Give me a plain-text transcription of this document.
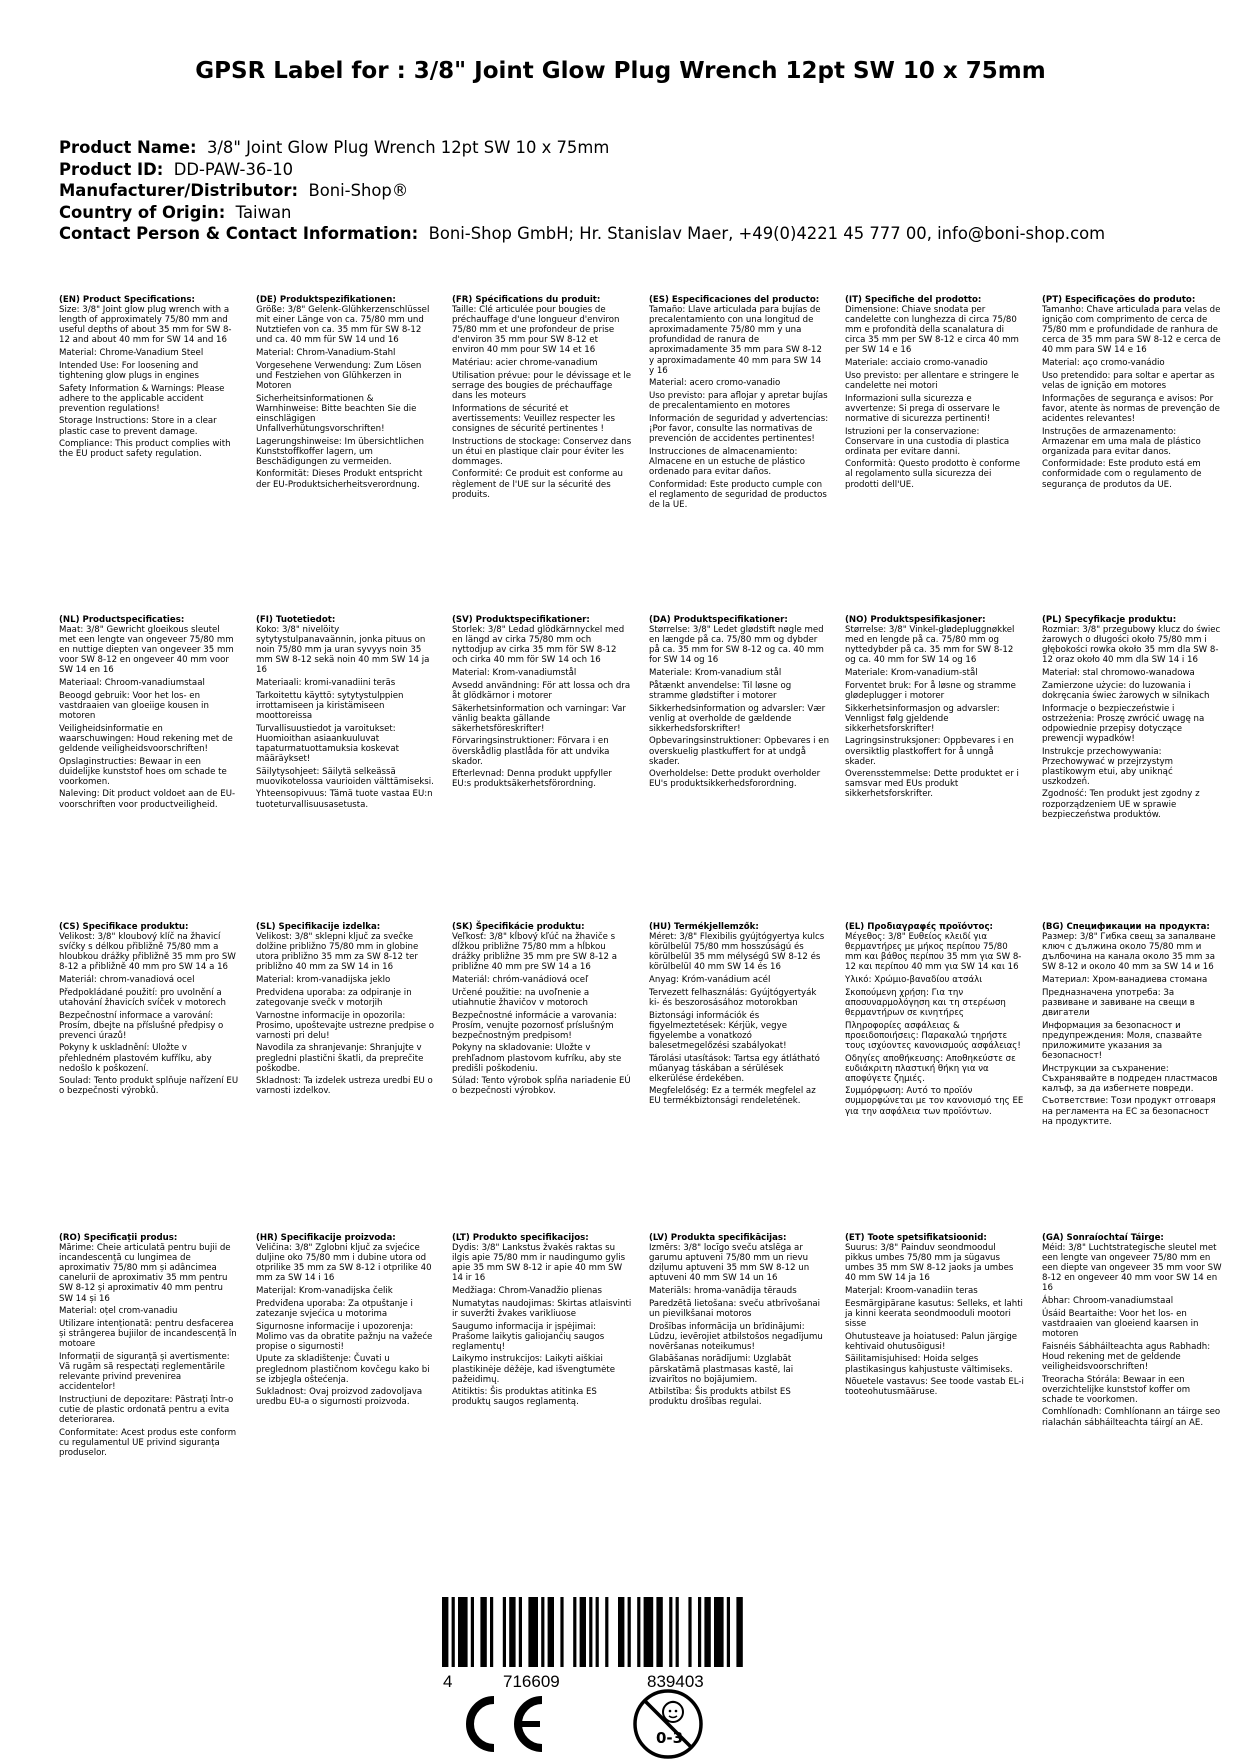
GPSR Label for : 3/8" Joint Glow Plug Wrench 12pt SW 10 x 75mm
Product Name: 3/8" Joint Glow Plug Wrench 12pt SW 10 x 75mm
Product ID: DD-PAW-36-10
Manufacturer/Distributor: Boni-Shop®
Country of Origin: Taiwan
Contact Person & Contact Information: Boni-Shop GmbH; Hr. Stanislav Maer, +49(0)4221 45 777 00, info@boni-shop.com
(EN) Product Specifications:

Size: 3/8" Joint glow plug wrench with a length of approximately 75/80 mm and useful depths of about 35 mm for SW 8-12 and about 40 mm for SW 14 and 16

Material: Chrome-Vanadium Steel

Intended Use: For loosening and tightening glow plugs in engines

Safety Information & Warnings: Please adhere to the applicable accident prevention regulations!

Storage Instructions: Store in a clear plastic case to prevent damage.

Compliance: This product complies with the EU product safety regulation.

(DE) Produktspezifikationen:

Größe: 3/8" Gelenk-Glühkerzenschlüssel mit einer Länge von ca. 75/80 mm und Nutztiefen von ca. 35 mm für SW 8-12 und ca. 40 mm für SW 14 und 16

Material: Chrom-Vanadium-Stahl

Vorgesehene Verwendung: Zum Lösen und Festziehen von Glühkerzen in Motoren

Sicherheitsinformationen & Warnhinweise: Bitte beachten Sie die einschlägigen Unfallverhütungsvorschriften!

Lagerungshinweise: Im übersichtlichen Kunststoffkoffer lagern, um Beschädigungen zu vermeiden.

Konformität: Dieses Produkt entspricht der EU-Produktsicherheitsverordnung.

(FR) Spécifications du produit:

Taille: Clé articulée pour bougies de préchauffage d'une longueur d'environ 75/80 mm et une profondeur de prise d'environ 35 mm pour SW 8-12 et environ 40 mm pour SW 14 et 16

Matériau: acier chrome-vanadium

Utilisation prévue: pour le dévissage et le serrage des bougies de préchauffage dans les moteurs

Informations de sécurité et avertissements: Veuillez respecter les consignes de sécurité pertinentes !

Instructions de stockage: Conservez dans un étui en plastique clair pour éviter les dommages.

Conformité: Ce produit est conforme au règlement de l'UE sur la sécurité des produits.

(ES) Especificaciones del producto:

Tamaño: Llave articulada para bujías de precalentamiento con una longitud de aproximadamente 75/80 mm y una profundidad de ranura de aproximadamente 35 mm para SW 8-12 y aproximadamente 40 mm para SW 14 y 16

Material: acero cromo-vanadio

Uso previsto: para aflojar y apretar bujías de precalentamiento en motores

Información de seguridad y advertencias: ¡Por favor, consulte las normativas de prevención de accidentes pertinentes!

Instrucciones de almacenamiento: Almacene en un estuche de plástico ordenado para evitar daños.

Conformidad: Este producto cumple con el reglamento de seguridad de productos de la UE.

(IT) Specifiche del prodotto:

Dimensione: Chiave snodata per candelette con lunghezza di circa 75/80 mm e profondità della scanalatura di circa 35 mm per SW 8-12 e circa 40 mm per SW 14 e 16

Materiale: acciaio cromo-vanadio

Uso previsto: per allentare e stringere le candelette nei motori

Informazioni sulla sicurezza e avvertenze: Si prega di osservare le normative di sicurezza pertinenti!

Istruzioni per la conservazione: Conservare in una custodia di plastica ordinata per evitare danni.

Conformità: Questo prodotto è conforme al regolamento sulla sicurezza dei prodotti dell'UE.

(PT) Especificações do produto:

Tamanho: Chave articulada para velas de ignição com comprimento de cerca de 75/80 mm e profundidade de ranhura de cerca de 35 mm para SW 8-12 e cerca de 40 mm para SW 14 e 16

Material: aço cromo-vanádio

Uso pretendido: para soltar e apertar as velas de ignição em motores

Informações de segurança e avisos: Por favor, atente às normas de prevenção de acidentes relevantes!

Instruções de armazenamento: Armazenar em uma mala de plástico organizada para evitar danos.

Conformidade: Este produto está em conformidade com o regulamento de segurança de produtos da UE.

(NL) Productspecificaties:

Maat: 3/8" Gewricht gloeikous sleutel met een lengte van ongeveer 75/80 mm en nuttige diepten van ongeveer 35 mm voor SW 8-12 en ongeveer 40 mm voor SW 14 en 16

Materiaal: Chroom-vanadiumstaal

Beoogd gebruik: Voor het los- en vastdraaien van gloeiige kousen in motoren

Veiligheidsinformatie en waarschuwingen: Houd rekening met de geldende veiligheidsvoorschriften!

Opslaginstructies: Bewaar in een duidelijke kunststof hoes om schade te voorkomen.

Naleving: Dit product voldoet aan de EU-voorschriften voor productveiligheid.

(FI) Tuotetiedot:

Koko: 3/8" nivelöity sytytystulpanavaännin, jonka pituus on noin 75/80 mm ja uran syvyys noin 35 mm SW 8-12 sekä noin 40 mm SW 14 ja 16

Materiaali: kromi-vanadiini teräs

Tarkoitettu käyttö: sytytystulppien irrottamiseen ja kiristämiseen moottoreissa

Turvallisuustiedot ja varoitukset: Huomioithan asiaankuuluvat tapaturmatuottamuksia koskevat määräykset!

Säilytysohjeet: Säilytä selkeässä muovikotelossa vaurioiden välttämiseksi.

Yhteensopivuus: Tämä tuote vastaa EU:n tuoteturvallisuusasetusta.

(SV) Produktspecifikationer:

Storlek: 3/8" Ledad glödkärnnyckel med en längd av cirka 75/80 mm och nyttodjup av cirka 35 mm för SW 8-12 och cirka 40 mm för SW 14 och 16

Material: Krom-vanadiumstål

Avsedd användning: För att lossa och dra åt glödkärnor i motorer

Säkerhetsinformation och varningar: Var vänlig beakta gällande säkerhetsföreskrifter!

Förvaringsinstruktioner: Förvara i en överskådlig plastlåda för att undvika skador.

Efterlevnad: Denna produkt uppfyller EU:s produktsäkerhetsförordning.

(DA) Produktspecifikationer:

Størrelse: 3/8" Ledet glødstift nøgle med en længde på ca. 75/80 mm og dybder på ca. 35 mm for SW 8-12 og ca. 40 mm for SW 14 og 16

Materiale: Krom-vanadium stål

Påtænkt anvendelse: Til løsne og stramme glødstifter i motorer

Sikkerhedsinformation og advarsler: Vær venlig at overholde de gældende sikkerhedsforskrifter!

Opbevaringsinstruktioner: Opbevares i en overskuelig plastkuffert for at undgå skader.

Overholdelse: Dette produkt overholder EU's produktsikkerhedsforordning.

(NO) Produktspesifikasjoner:

Størrelse: 3/8" Vinkel-glødepluggnøkkel med en lengde på ca. 75/80 mm og nyttedybder på ca. 35 mm for SW 8-12 og ca. 40 mm for SW 14 og 16

Materiale: Krom-vanadium-stål

Forventet bruk: For å løsne og stramme glødeplugger i motorer

Sikkerhetsinformasjon og advarsler: Vennligst følg gjeldende sikkerhetsforskrifter!

Lagringsinstruksjoner: Oppbevares i en oversiktlig plastkoffert for å unngå skader.

Overensstemmelse: Dette produktet er i samsvar med EUs produkt sikkerhetsforskrifter.

(PL) Specyfikacje produktu:

Rozmiar: 3/8" przegubowy klucz do świec żarowych o długości około 75/80 mm i głębokości rowka około 35 mm dla SW 8-12 oraz około 40 mm dla SW 14 i 16

Materiał: stal chromowo-wanadowa

Zamierzone użycie: do luzowania i dokręcania świec żarowych w silnikach

Informacje o bezpieczeństwie i ostrzeżenia: Proszę zwrócić uwagę na odpowiednie przepisy dotyczące prewencji wypadków!

Instrukcje przechowywania: Przechowywać w przejrzystym plastikowym etui, aby uniknąć uszkodzeń.

Zgodność: Ten produkt jest zgodny z rozporządzeniem UE w sprawie bezpieczeństwa produktów.

(CS) Specifikace produktu:

Velikost: 3/8" kloubový klíč na žhavicí svíčky s délkou přibližně 75/80 mm a hloubkou drážky přibližně 35 mm pro SW 8-12 a přibližně 40 mm pro SW 14 a 16

Materiál: chrom-vanadiová ocel

Předpokládané použití: pro uvolnění a utahování žhavicích svíček v motorech

Bezpečnostní informace a varování: Prosím, dbejte na příslušné předpisy o prevenci úrazů!

Pokyny k uskladnění: Uložte v přehledném plastovém kufříku, aby nedošlo k poškození.

Soulad: Tento produkt splňuje nařízení EU o bezpečnosti výrobků.

(SL) Specifikacije izdelka:

Velikost: 3/8" sklepni ključ za svečke dolžine približno 75/80 mm in globine utora približno 35 mm za SW 8-12 ter približno 40 mm za SW 14 in 16

Material: krom-vanadijska jeklo

Predvidena uporaba: za odpiranje in zategovanje svečk v motorjih

Varnostne informacije in opozorila: Prosimo, upoštevajte ustrezne predpise o varnosti pri delu!

Navodila za shranjevanje: Shranjujte v preglednі plastični škatli, da preprečite poškodbe.

Skladnost: Ta izdelek ustreza uredbi EU o varnosti izdelkov.

(SK) Špecifikácie produktu:

Veľkosť: 3/8" kĺbový kľúč na žhaviče s dĺžkou približne 75/80 mm a hĺbkou drážky približne 35 mm pre SW 8-12 a približne 40 mm pre SW 14 a 16

Materiál: chróm-vanádiová oceľ

Určené použitie: na uvoľnenie a utiahnutie žhavičov v motoroch

Bezpečnostné informácie a varovania: Prosím, venujte pozornosť príslušným bezpečnostným predpisom!

Pokyny na skladovanie: Uložte v prehľadnom plastovom kufríku, aby ste predišli poškodeniu.

Súlad: Tento výrobok spĺňa nariadenie EÚ o bezpečnosti výrobkov.

(HU) Termékjellemzők:

Méret: 3/8" Flexibilis gyújtógyertya kulcs körülbelül 75/80 mm hosszúságú és körülbelül 35 mm mélységű SW 8-12 és körülbelül 40 mm SW 14 és 16

Anyag: Króm-vanádium acél

Tervezett felhasználás: Gyújtógyertyák ki- és beszorosásához motorokban

Biztonsági információk és figyelmeztetések: Kérjük, vegye figyelembe a vonatkozó balesetmegelőzési szabályokat!

Tárolási utasítások: Tartsa egy átlátható műanyag táskában a sérülések elkerülése érdekében.

Megfelelőség: Ez a termék megfelel az EU termékbiztonsági rendeletének.

(EL) Προδιαγραφές προϊόντος:

Μέγεθος: 3/8" Ευθείος κλειδί για θερμαντήρες με μήκος περίπου 75/80 mm και βάθος περίπου 35 mm για SW 8-12 και περίπου 40 mm για SW 14 και 16

Υλικό: Χρώμιο-βαναδίου ατσάλι

Σκοπούμενη χρήση: Για την αποσυναρμολόγηση και τη στερέωση θερμαντήρων σε κινητήρες

Πληροφορίες ασφάλειας & προειδοποιήσεις: Παρακαλώ τηρήστε τους ισχύοντες κανονισμούς ασφάλειας!

Οδηγίες αποθήκευσης: Αποθηκεύστε σε ευδιάκριτη πλαστική θήκη για να αποφύγετε ζημιές.

Συμμόρφωση: Αυτό το προϊόν συμμορφώνεται με τον κανονισμό της ΕΕ για την ασφάλεια των προϊόντων.

(BG) Спецификации на продукта:

Размер: 3/8" Гибка свещ за запалване ключ с дължина около 75/80 mm и дълбочина на канала около 35 mm за SW 8-12 и около 40 mm за SW 14 и 16

Материал: Хром-ванадиева стомана

Предназначена употреба: За развиване и завиване на свещи в двигатели

Информация за безопасност и предупреждения: Моля, спазвайте приложимите указания за безопасност!

Инструкции за съхранение: Съхранявайте в подреден пластмасов калъф, за да избегнете повреди.

Съответствие: Този продукт отговаря на регламента на ЕС за безопасност на продуктите.

(RO) Specificații produs:

Mărime: Cheie articulată pentru bujii de incandescență cu lungimea de aproximativ 75/80 mm și adâncimea canelurii de aproximativ 35 mm pentru SW 8-12 și aproximativ 40 mm pentru SW 14 și 16

Material: oțel crom-vanadiu

Utilizare intenționată: pentru desfacerea și strângerea bujiilor de incandescență în motoare

Informații de siguranță și avertismente: Vă rugăm să respectați reglementările relevante privind prevenirea accidentelor!

Instrucțiuni de depozitare: Păstrați într-o cutie de plastic ordonată pentru a evita deteriorarea.

Conformitate: Acest produs este conform cu regulamentul UE privind siguranța produselor.

(HR) Specifikacije proizvoda:

Veličina: 3/8" Zglobni ključ za svjećice duljine oko 75/80 mm i dubine utora od otprilike 35 mm za SW 8-12 i otprilike 40 mm za SW 14 i 16

Materijal: Krom-vanadijska čelik

Predviđena uporaba: Za otpuštanje i zatezanje svjećica u motorima

Sigurnosne informacije i upozorenja: Molimo vas da obratite pažnju na važeće propise o sigurnosti!

Upute za skladištenje: Čuvati u preglednom plastičnom kovčegu kako bi se izbjegla oštećenja.

Sukladnost: Ovaj proizvod zadovoljava uredbu EU-a o sigurnosti proizvoda.

(LT) Produkto specifikacijos:

Dydis: 3/8" Lankstus žvakės raktas su ilgis apie 75/80 mm ir naudingumo gylis apie 35 mm SW 8-12 ir apie 40 mm SW 14 ir 16

Medžiaga: Chrom-Vanadžio plienas

Numatytas naudojimas: Skirtas atlaisvinti ir suveržti žvakes varikliuose

Saugumo informacija ir įspėjimai: Prašome laikytis galiojančių saugos reglamentų!

Laikymo instrukcijos: Laikyti aiškiai plastikinėje dėžėje, kad išvengtumėte pažeidimų.

Atitiktis: Šis produktas atitinka ES produktų saugos reglamentą.

(LV) Produkta specifikācijas:

Izmērs: 3/8" locīgo sveču atslēga ar garumu aptuveni 75/80 mm un rievu dziļumu aptuveni 35 mm SW 8-12 un aptuveni 40 mm SW 14 un 16

Materiāls: hroma-vanādija tērauds

Paredzētā lietošana: sveču atbrīvošanai un pievilkšanai motoros

Drošības informācija un brīdinājumi: Lūdzu, ievērojiet atbilstošos negadījumu novēršanas noteikumus!

Glabāšanas norādījumi: Uzglabāt pārskatāmā plastmasas kastē, lai izvairītos no bojājumiem.

Atbilstība: Šis produkts atbilst ES produktu drošības regulai.

(ET) Toote spetsifikatsioonid:

Suurus: 3/8" Painduv seondmoodul pikkus umbes 75/80 mm ja sügavus umbes 35 mm SW 8-12 jaoks ja umbes 40 mm SW 14 ja 16

Materjal: Kroom-vanadiin teras

Eesmärgipärane kasutus: Selleks, et lahti ja kinni keerata seondmooduli mootori sisse

Ohutusteave ja hoiatused: Palun järgige kehtivaid ohutusõigusi!

Säilitamisjuhised: Hoida selges plastikasingus kahjustuste vältimiseks.

Nõuetele vastavus: See toode vastab EL-i tooteohutusmääruse.

(GA) Sonraíochtaí Táirge:

Méid: 3/8" Luchtstrategische sleutel met een lengte van ongeveer 75/80 mm en een diepte van ongeveer 35 mm voor SW 8-12 en ongeveer 40 mm voor SW 14 en 16

Ábhar: Chroom-vanadiumstaal

Úsáid Beartaithe: Voor het los- en vastdraaien van gloeiend kaarsen in motoren

Faisnéis Sábháilteachta agus Rabhadh: Houd rekening met de geldende veiligheidsvoorschriften!

Treoracha Stórála: Bewaar in een overzichtelijke kunststof koffer om schade te voorkomen.

Comhlíonadh: Comhlíonann an táirge seo rialachán sábháilteachta táirgí an AE.

4	716609	839403
0-3
